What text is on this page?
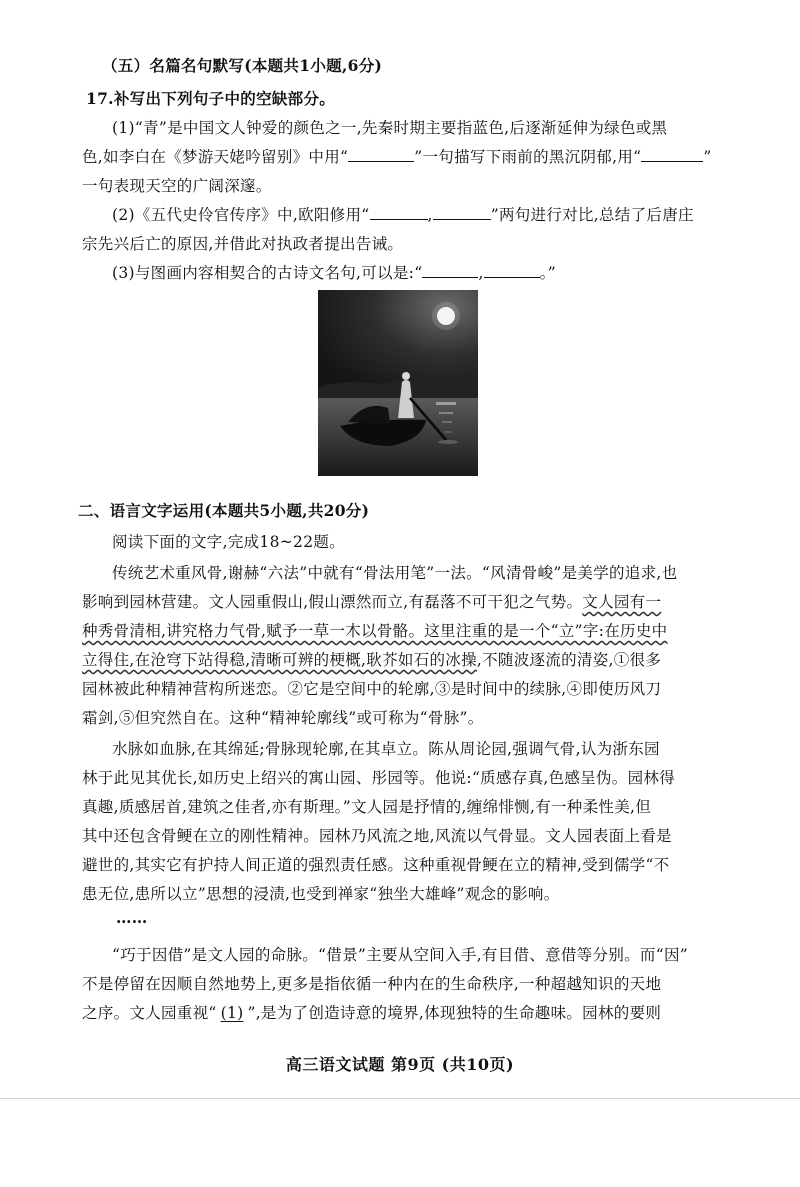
（五）名篇名句默写(本题共1小题,6分)
17.补写出下列句子中的空缺部分。
(1)“青”是中国文人钟爱的颜色之一,先秦时期主要指蓝色,后逐渐延伸为绿色或黑
色,如李白在《梦游天姥吟留别》中用“	”一句描写下雨前的黑沉阴郁,用“	”
一句表现天空的广阔深邃。
(2)《五代史伶官传序》中,欧阳修用“	,	”两句进行对比,总结了后唐庄
宗先兴后亡的原因,并借此对执政者提出告诫。
(3)与图画内容相契合的古诗文名句,可以是:“	,	。”
二、语言文字运用(本题共5小题,共20分)
阅读下面的文字,完成18~22题。
传统艺术重风骨,谢赫“六法”中就有“骨法用笔”一法。“风清骨峻”是美学的追求,也
影响到园林营建。文人园重假山,假山漂然而立,有磊落不可干犯之气势。文人园有一
种秀骨清相,讲究格力气骨,赋予一草一木以骨骼。这里注重的是一个“立”字:在历史中
立得住,在沧穹下站得稳,清晰可辨的梗概,耿芥如石的冰操,不随波逐流的清姿,①很多
园林被此种精神营构所迷恋。②它是空间中的轮廓,③是时间中的续脉,④即使历风刀
霜剑,⑤但究然自在。这种“精神轮廓线”或可称为“骨脉”。
水脉如血脉,在其绵延;骨脉现轮廓,在其卓立。陈从周论园,强调气骨,认为浙东园
林于此见其优长,如历史上绍兴的寓山园、彤园等。他说:“质感存真,色感呈伪。园林得
真趣,质感居首,建筑之佳者,亦有斯理。”文人园是抒情的,缠绵悱恻,有一种柔性美,但
其中还包含骨鲠在立的刚性精神。园林乃风流之地,风流以气骨显。文人园表面上看是
避世的,其实它有护持人间正道的强烈责任感。这种重视骨鲠在立的精神,受到儒学“不
患无位,患所以立”思想的浸渍,也受到禅家“独坐大雄峰”观念的影响。
……
“巧于因借”是文人园的命脉。“借景”主要从空间入手,有目借、意借等分别。而“因”
不是停留在因顺自然地势上,更多是指依循一种内在的生命秩序,一种超越知识的天地
之序。文人园重视“ (1) ”,是为了创造诗意的境界,体现独特的生命趣味。园林的要则
高三语文试题 第9页 (共10页)
